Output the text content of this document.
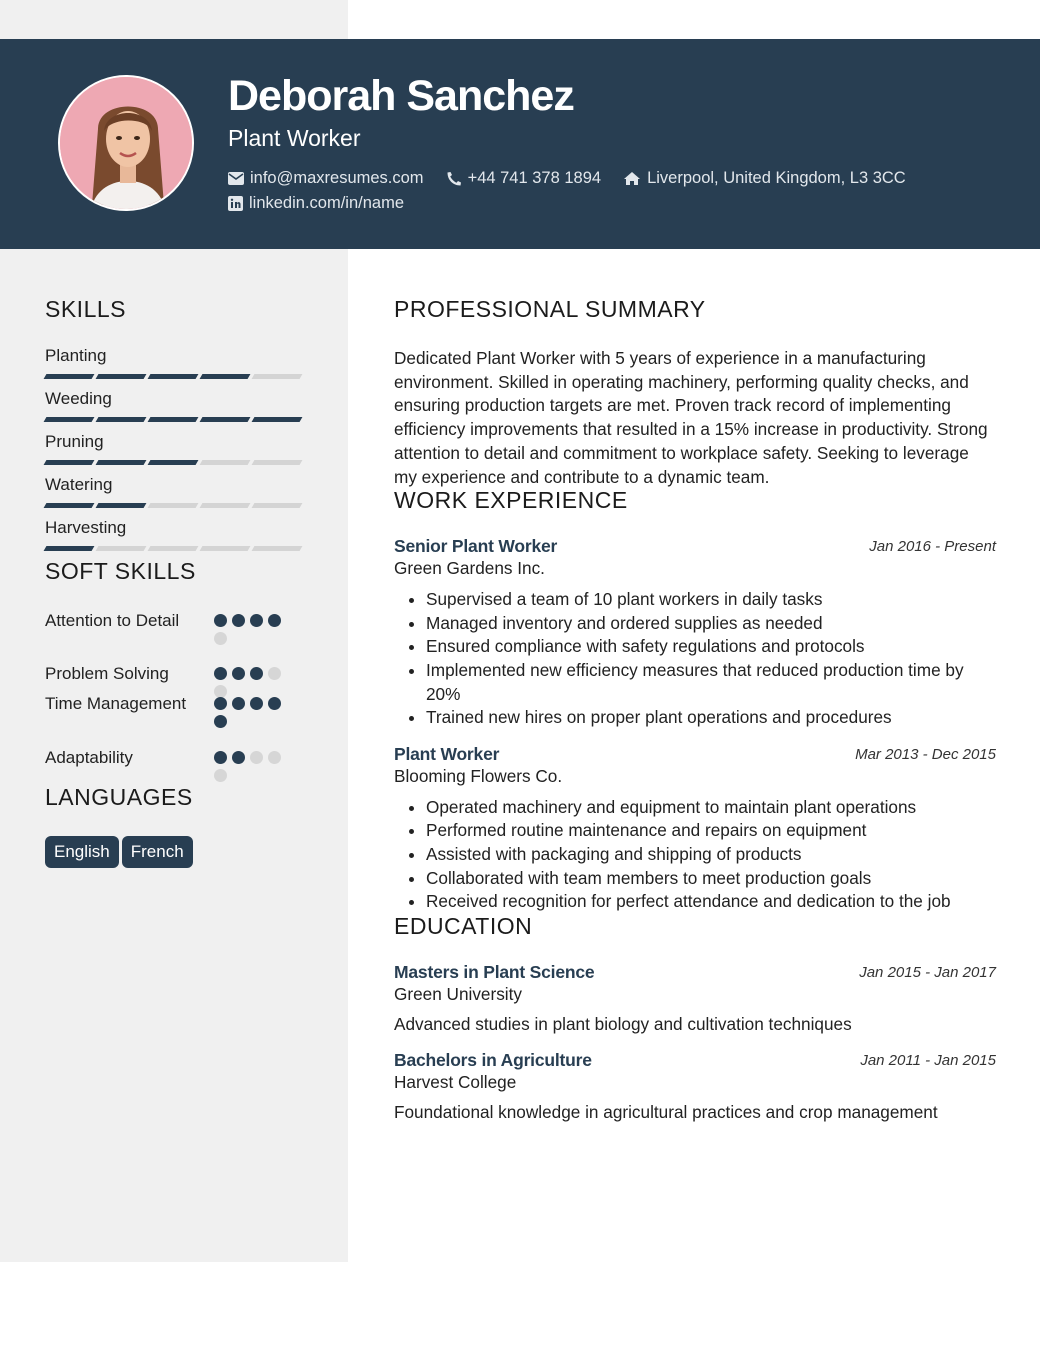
Deborah Sanchez
Plant Worker
info@maxresumes.com	+44 741 378 1894	Liverpool, United Kingdom, L3 3CC
linkedin.com/in/name
SKILLS
Planting
Weeding
Pruning
Watering
Harvesting
SOFT SKILLS
Attention to Detail
Problem Solving
Time Management
Adaptability
LANGUAGES
English French
PROFESSIONAL SUMMARY

Dedicated Plant Worker with 5 years of experience in a manufacturing environment. Skilled in operating machinery, performing quality checks, and ensuring production targets are met. Proven track record of implementing efficiency improvements that resulted in a 15% increase in productivity. Strong attention to detail and commitment to workplace safety. Seeking to leverage my experience and contribute to a dynamic team.

WORK EXPERIENCE
Senior Plant Worker	Jan 2016 - Present
Green Gardens Inc.
• Supervised a team of 10 plant workers in daily tasks
• Managed inventory and ordered supplies as needed
• Ensured compliance with safety regulations and protocols
• Implemented new efficiency measures that reduced production time by 20%
• Trained new hires on proper plant operations and procedures
Plant Worker	Mar 2013 - Dec 2015
Blooming Flowers Co.
• Operated machinery and equipment to maintain plant operations
• Performed routine maintenance and repairs on equipment
• Assisted with packaging and shipping of products
• Collaborated with team members to meet production goals
• Received recognition for perfect attendance and dedication to the job
EDUCATION
Masters in Plant Science	Jan 2015 - Jan 2017
Green University

Advanced studies in plant biology and cultivation techniques

Bachelors in Agriculture	Jan 2011 - Jan 2015
Harvest College

Foundational knowledge in agricultural practices and crop management
